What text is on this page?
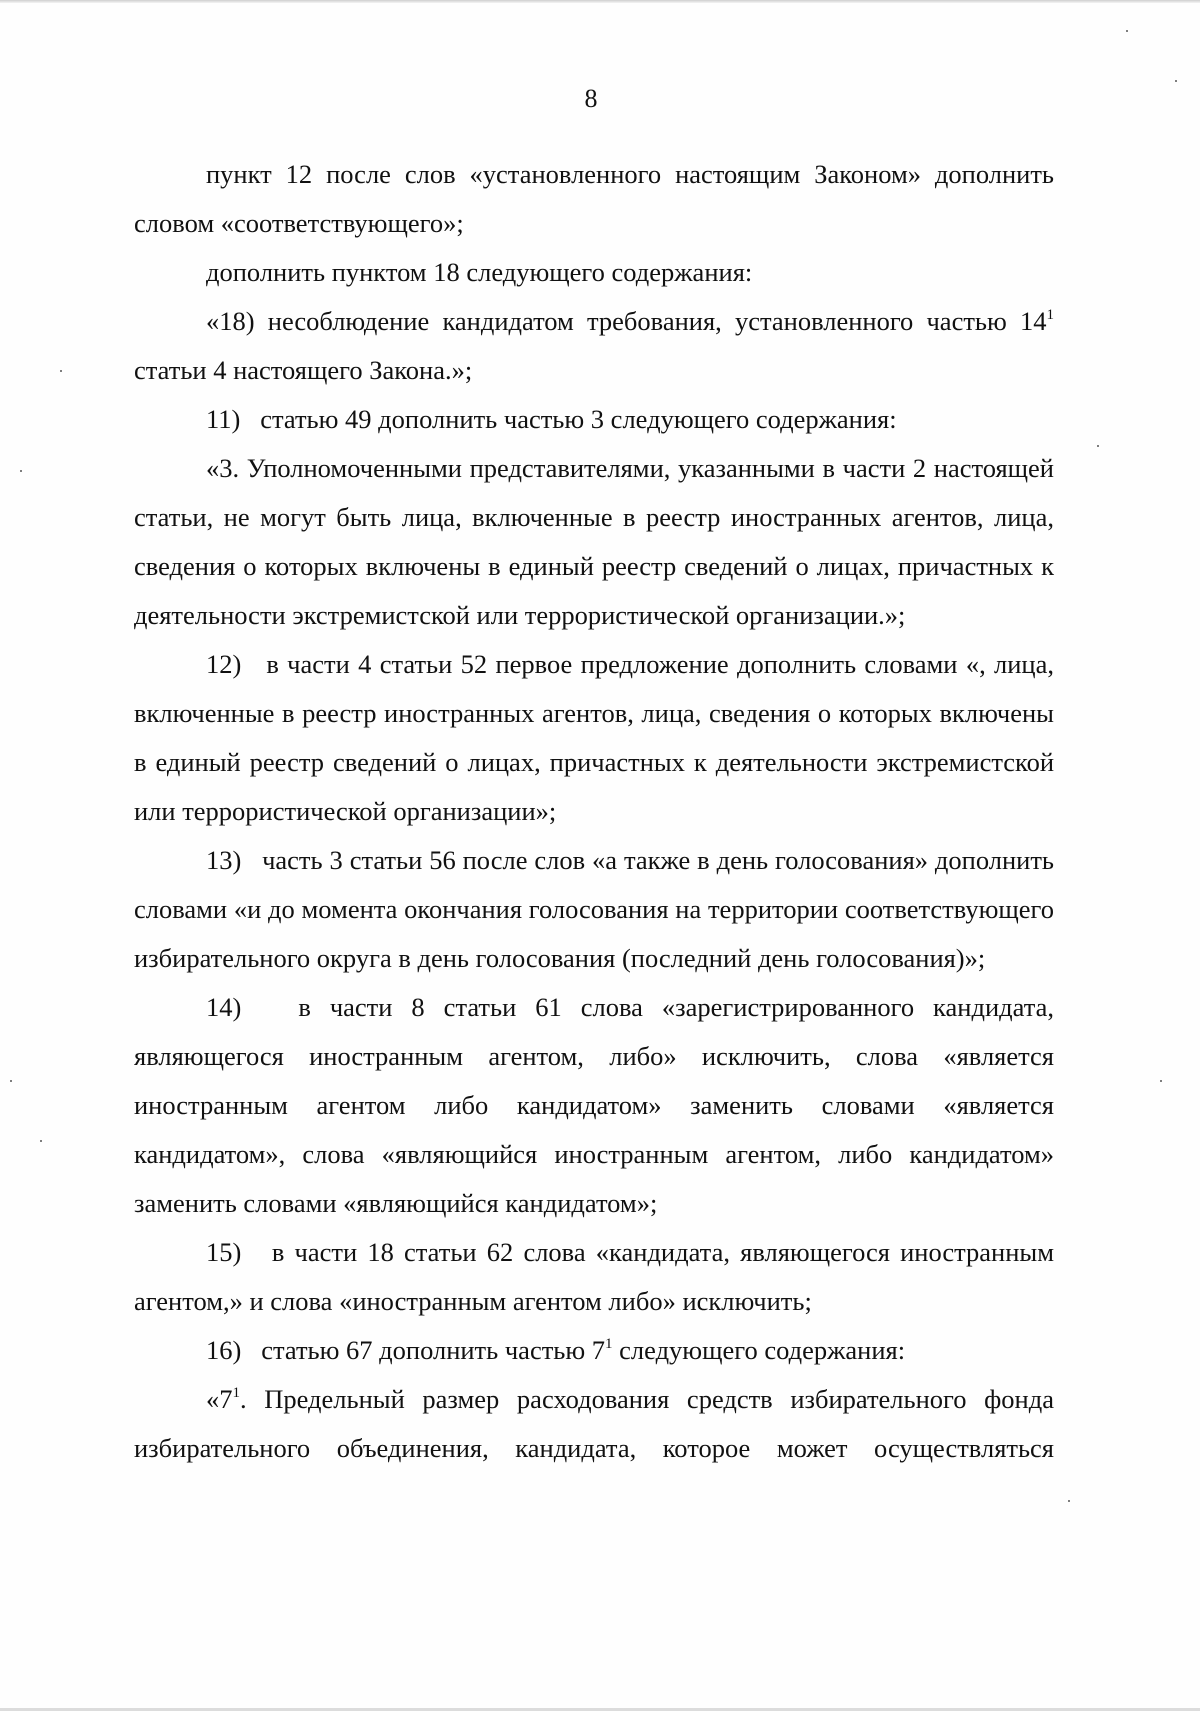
8

пункт 12 после слов «установленного настоящим Законом» дополнить словом «соответствующего»;

дополнить пунктом 18 следующего содержания:

«18) несоблюдение кандидатом требования, установленного частью $14^1$ статьи 4 настоящего Закона.»;

11)   статью 49 дополнить частью 3 следующего содержания:

«3. Уполномоченными представителями, указанными в части 2 настоящей статьи, не могут быть лица, включенные в реестр иностранных агентов, лица, сведения о которых включены в единый реестр сведений о лицах, причастных к деятельности экстремистской или террористической организации.»;

12)   в части 4 статьи 52 первое предложение дополнить словами «, лица, включенные в реестр иностранных агентов, лица, сведения о которых включены в единый реестр сведений о лицах, причастных к деятельности экстремистской или террористической организации»;

13)   часть 3 статьи 56 после слов «а также в день голосования» дополнить словами «и до момента окончания голосования на территории соответствующего избирательного округа в день голосования (последний день голосования)»;

14)   в части 8 статьи 61 слова «зарегистрированного кандидата, являющегося иностранным агентом, либо» исключить, слова «является иностранным агентом либо кандидатом» заменить словами «является кандидатом», слова «являющийся иностранным агентом, либо кандидатом» заменить словами «являющийся кандидатом»;

15)   в части 18 статьи 62 слова «кандидата, являющегося иностранным агентом,» и слова «иностранным агентом либо» исключить;

16)   статью 67 дополнить частью $7^1$ следующего содержания:

«$7^1$. Предельный размер расходования средств избирательного фонда избирательного объединения, кандидата, которое может осуществляться
